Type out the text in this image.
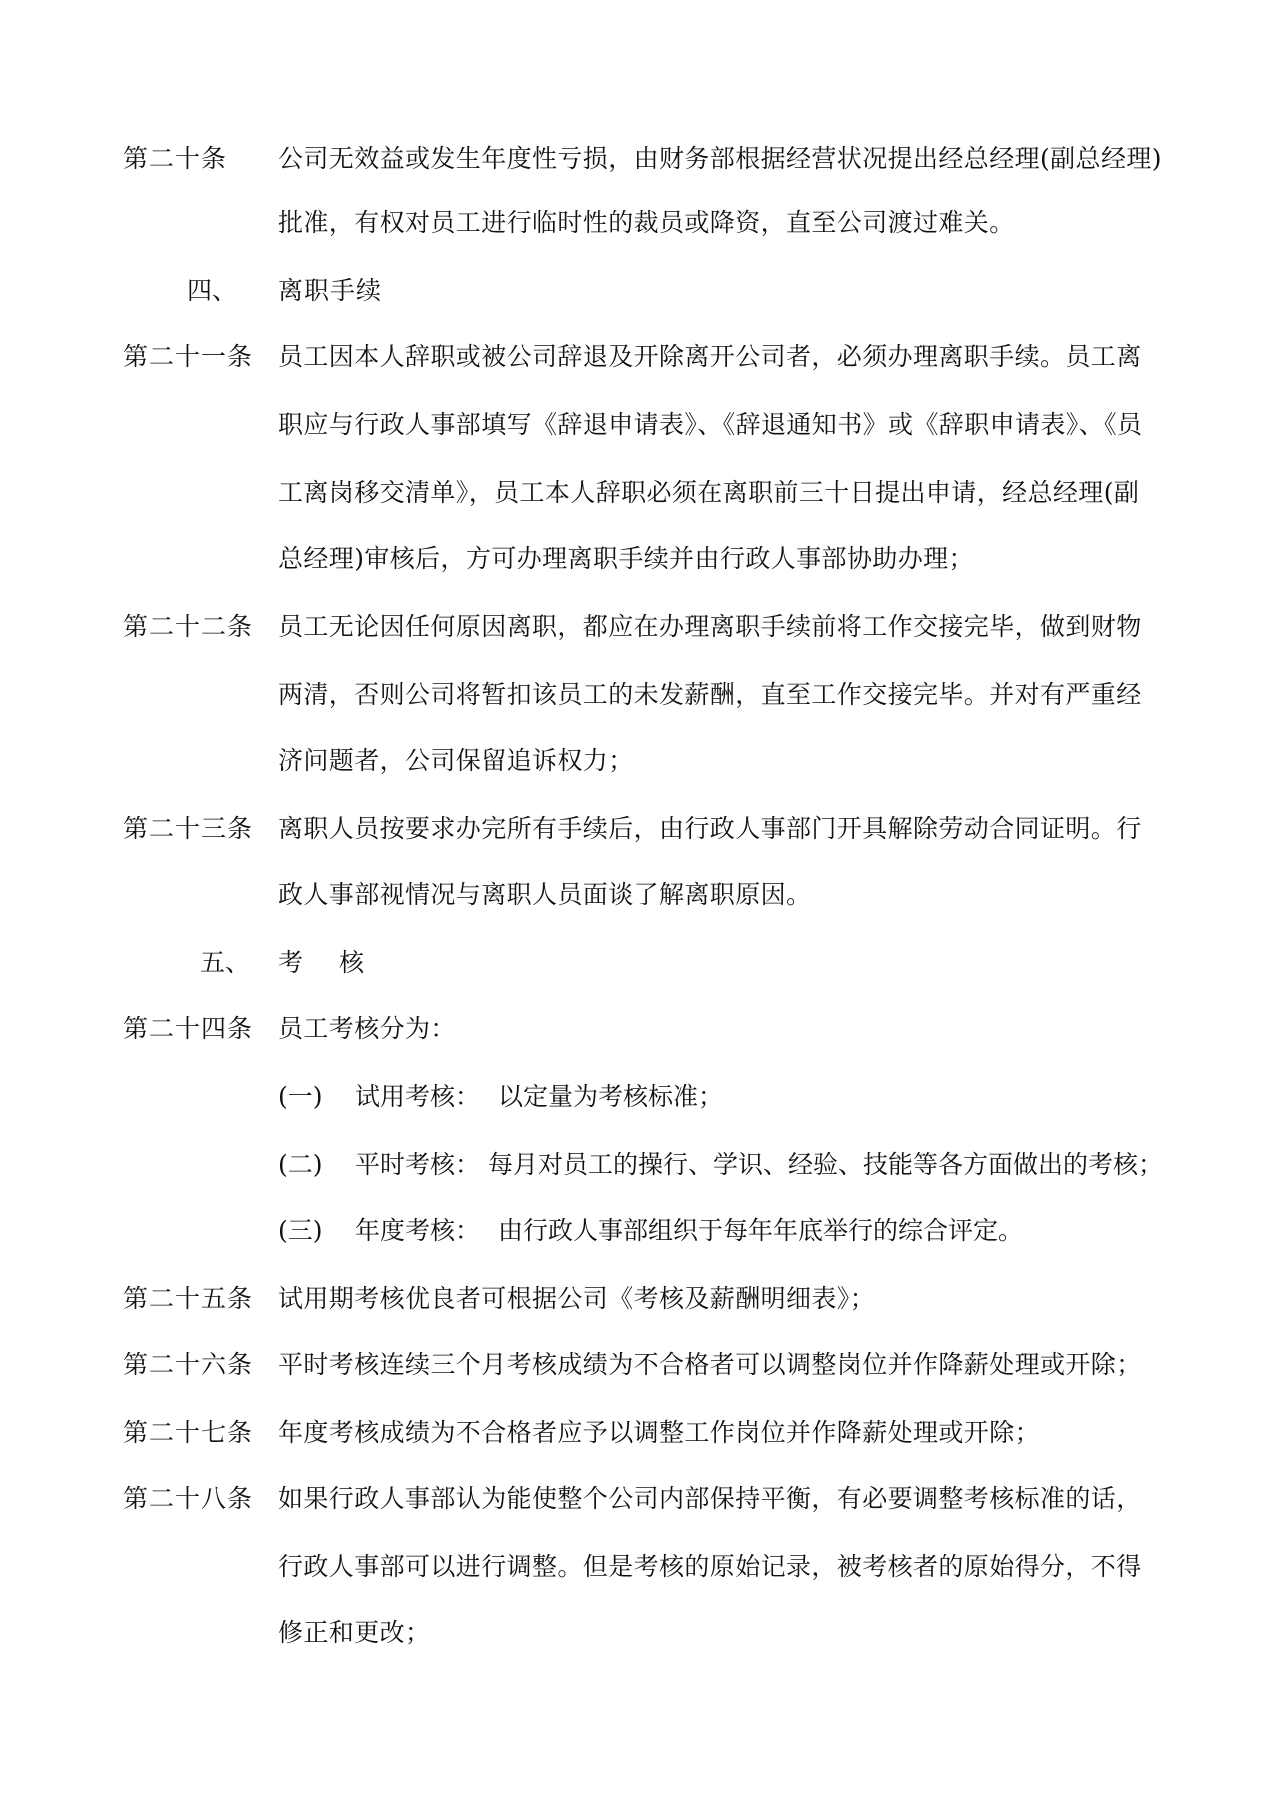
第二十条 公司无效益或发生年度性亏损，由财务部根据经营状况提出经总经理(副总经理)
批准，有权对员工进行临时性的裁员或降资，直至公司渡过难关。
四、 离职手续
第二十一条 员工因本人辞职或被公司辞退及开除离开公司者，必须办理离职手续。员工离
职应与行政人事部填写《辞退申请表》、《辞退通知书》或《辞职申请表》、《员
工离岗移交清单》，员工本人辞职必须在离职前三十日提出申请，经总经理(副
总经理)审核后，方可办理离职手续并由行政人事部协助办理；
第二十二条 员工无论因任何原因离职，都应在办理离职手续前将工作交接完毕，做到财物
两清，否则公司将暂扣该员工的未发薪酬，直至工作交接完毕。并对有严重经
济问题者，公司保留追诉权力；
第二十三条 离职人员按要求办完所有手续后，由行政人事部门开具解除劳动合同证明。行
政人事部视情况与离职人员面谈了解离职原因。
五、 考　 核
第二十四条 员工考核分为：
(一) 试用考核： 以定量为考核标准；
(二) 平时考核： 每月对员工的操行、学识、经验、技能等各方面做出的考核；
(三) 年度考核： 由行政人事部组织于每年年底举行的综合评定。
第二十五条 试用期考核优良者可根据公司《考核及薪酬明细表》；
第二十六条 平时考核连续三个月考核成绩为不合格者可以调整岗位并作降薪处理或开除；
第二十七条 年度考核成绩为不合格者应予以调整工作岗位并作降薪处理或开除；
第二十八条 如果行政人事部认为能使整个公司内部保持平衡，有必要调整考核标准的话，
行政人事部可以进行调整。但是考核的原始记录，被考核者的原始得分，不得
修正和更改；
